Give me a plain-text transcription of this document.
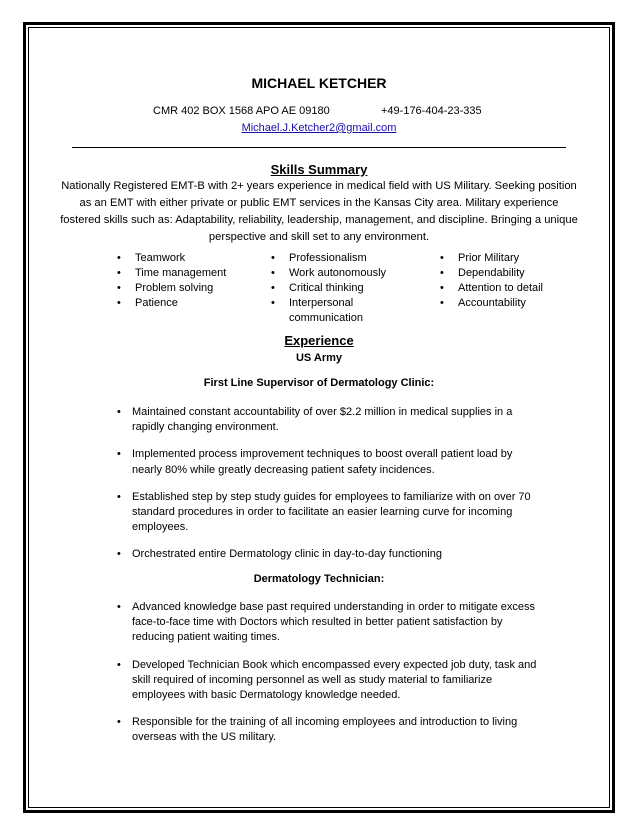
MICHAEL KETCHER
CMR 402 BOX 1568 APO AE 09180	+49-176-404-23-335
Michael.J.Ketcher2@gmail.com
Skills Summary
Nationally Registered EMT-B with 2+ years experience in medical field with US Military. Seeking position as an EMT with either private or public EMT services in the Kansas City area. Military experience fostered skills such as: Adaptability, reliability, leadership, management, and discipline. Bringing a unique perspective and skill set to any environment.
• Teamwork
• Time management
• Problem solving
• Patience
• Professionalism
• Work autonomously
• Critical thinking
• Interpersonal communication
• Prior Military
• Dependability
• Attention to detail
• Accountability
Experience
US Army
First Line Supervisor of Dermatology Clinic:
• Maintained constant accountability of over $2.2 million in medical supplies in a rapidly changing environment.
• Implemented process improvement techniques to boost overall patient load by nearly 80% while greatly decreasing patient safety incidences.
• Established step by step study guides for employees to familiarize with on over 70 standard procedures in order to facilitate an easier learning curve for incoming employees.
• Orchestrated entire Dermatology clinic in day-to-day functioning
Dermatology Technician:
• Advanced knowledge base past required understanding in order to mitigate excess face-to-face time with Doctors which resulted in better patient satisfaction by reducing patient waiting times.
• Developed Technician Book which encompassed every expected job duty, task and skill required of incoming personnel as well as study material to familiarize employees with basic Dermatology knowledge needed.
• Responsible for the training of all incoming employees and introduction to living overseas with the US military.
